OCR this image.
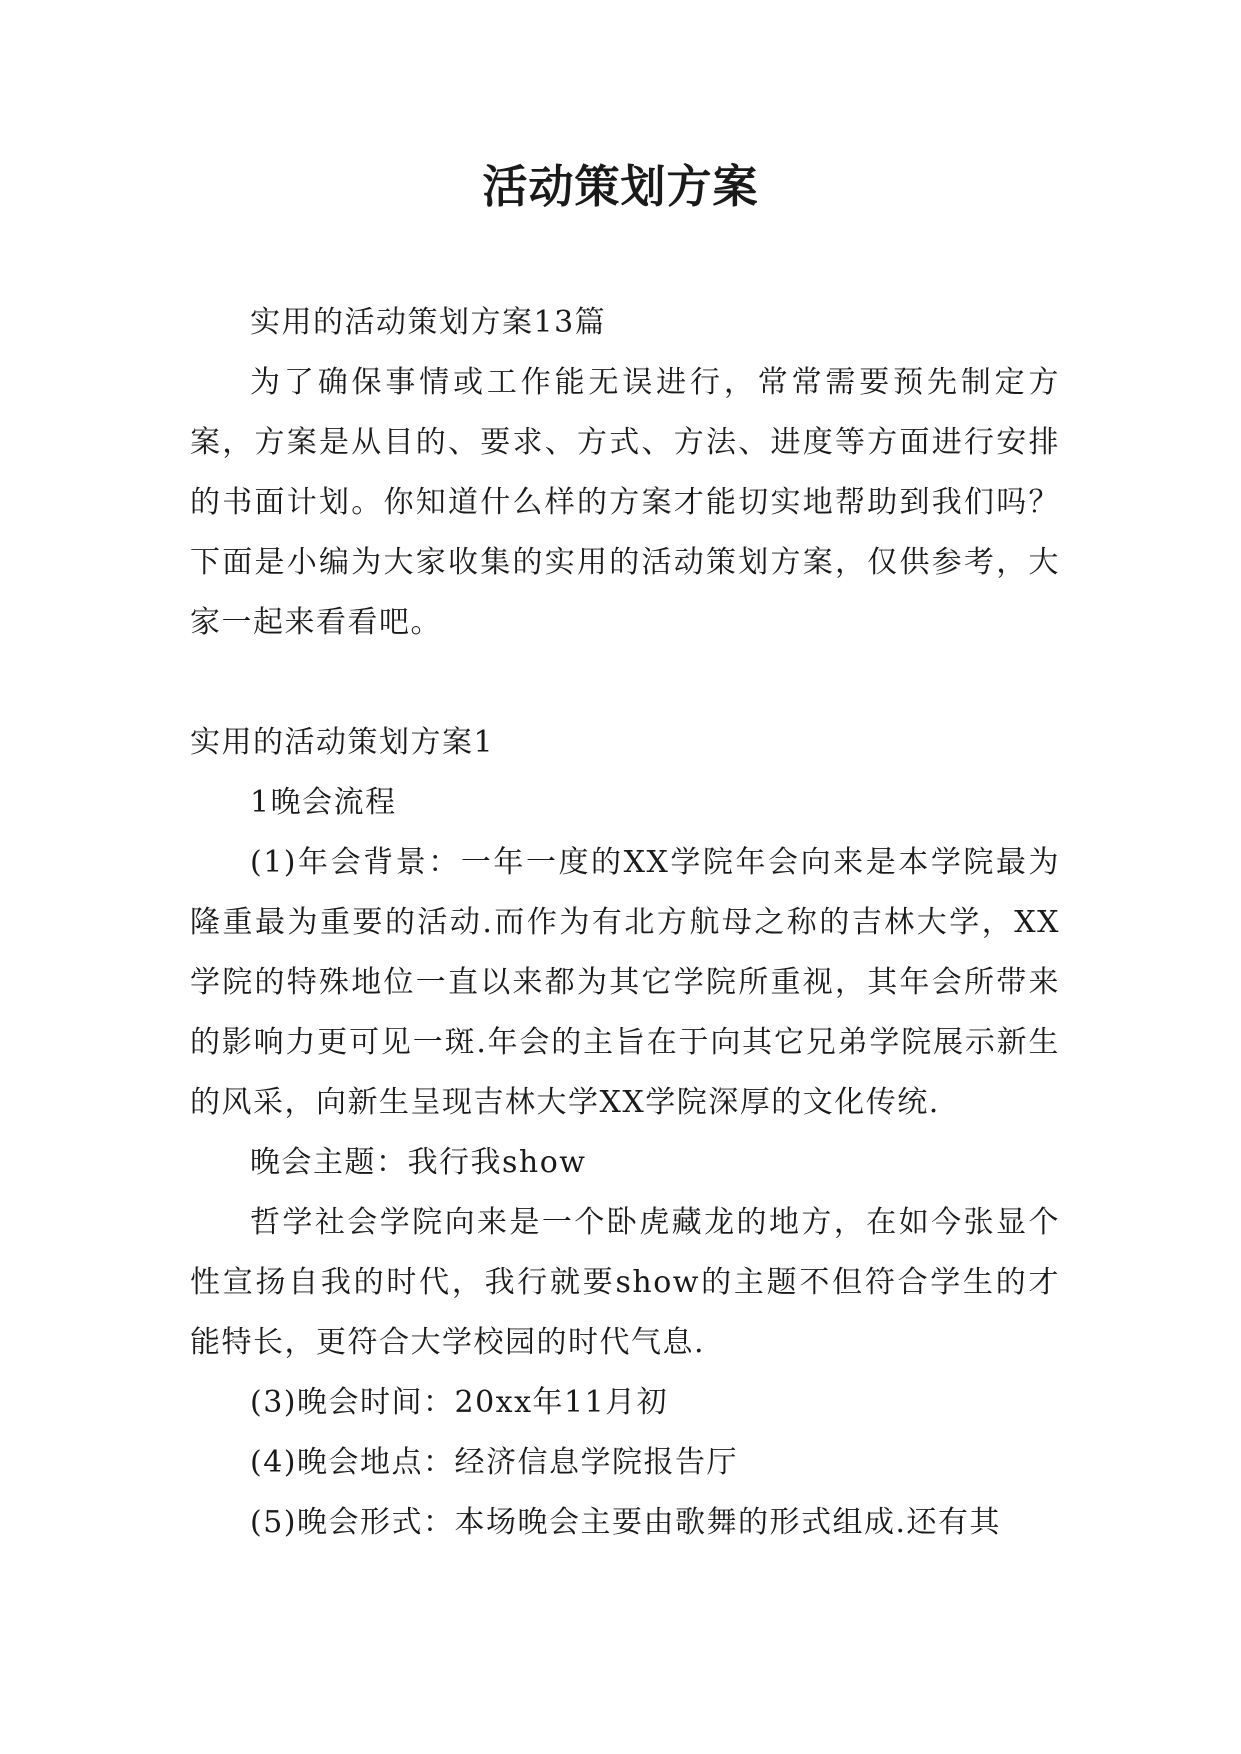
活动策划方案

实用的活动策划方案13篇

为了确保事情或工作能无误进行，常常需要预先制定方案，方案是从目的、要求、方式、方法、进度等方面进行安排的书面计划。你知道什么样的方案才能切实地帮助到我们吗？下面是小编为大家收集的实用的活动策划方案，仅供参考，大家一起来看看吧。

实用的活动策划方案1

1晚会流程

(1)年会背景：一年一度的XX学院年会向来是本学院最为隆重最为重要的活动.而作为有北方航母之称的吉林大学，XX学院的特殊地位一直以来都为其它学院所重视，其年会所带来的影响力更可见一斑.年会的主旨在于向其它兄弟学院展示新生的风采，向新生呈现吉林大学XX学院深厚的文化传统.

晚会主题：我行我show

哲学社会学院向来是一个卧虎藏龙的地方，在如今张显个性宣扬自我的时代，我行就要show的主题不但符合学生的才能特长，更符合大学校园的时代气息.

(3)晚会时间：20xx年11月初

(4)晚会地点：经济信息学院报告厅

(5)晚会形式：本场晚会主要由歌舞的形式组成.还有其
